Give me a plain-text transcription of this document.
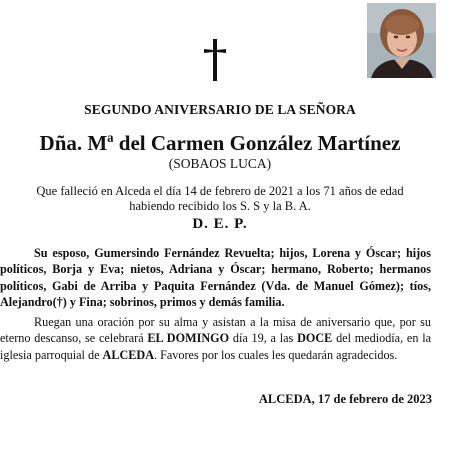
SEGUNDO ANIVERSARIO DE LA SEÑORA
Dña. Mª del Carmen González Martínez
(SOBAOS LUCA)
Que falleció en Alceda el día 14 de febrero de 2021 a los 71 años de edad
habiendo recibido los S. S y la B. A.
D. E. P.

Su esposo, Gumersindo Fernández Revuelta; hijos, Lorena y Óscar; hijos políticos, Borja y Eva; nietos, Adriana y Óscar; hermano, Roberto; hermanos políticos, Gabi de Arriba y Paquita Fernández (Vda. de Manuel Gómez); tíos, Alejandro(†) y Fina; sobrinos, primos y demás familia.

Ruegan una oración por su alma y asistan a la misa de aniversario que, por su eterno descanso, se celebrará EL DOMINGO día 19, a las DOCE del mediodía, en la iglesia parroquial de ALCEDA. Favores por los cuales les quedarán agradecidos.

ALCEDA, 17 de febrero de 2023
